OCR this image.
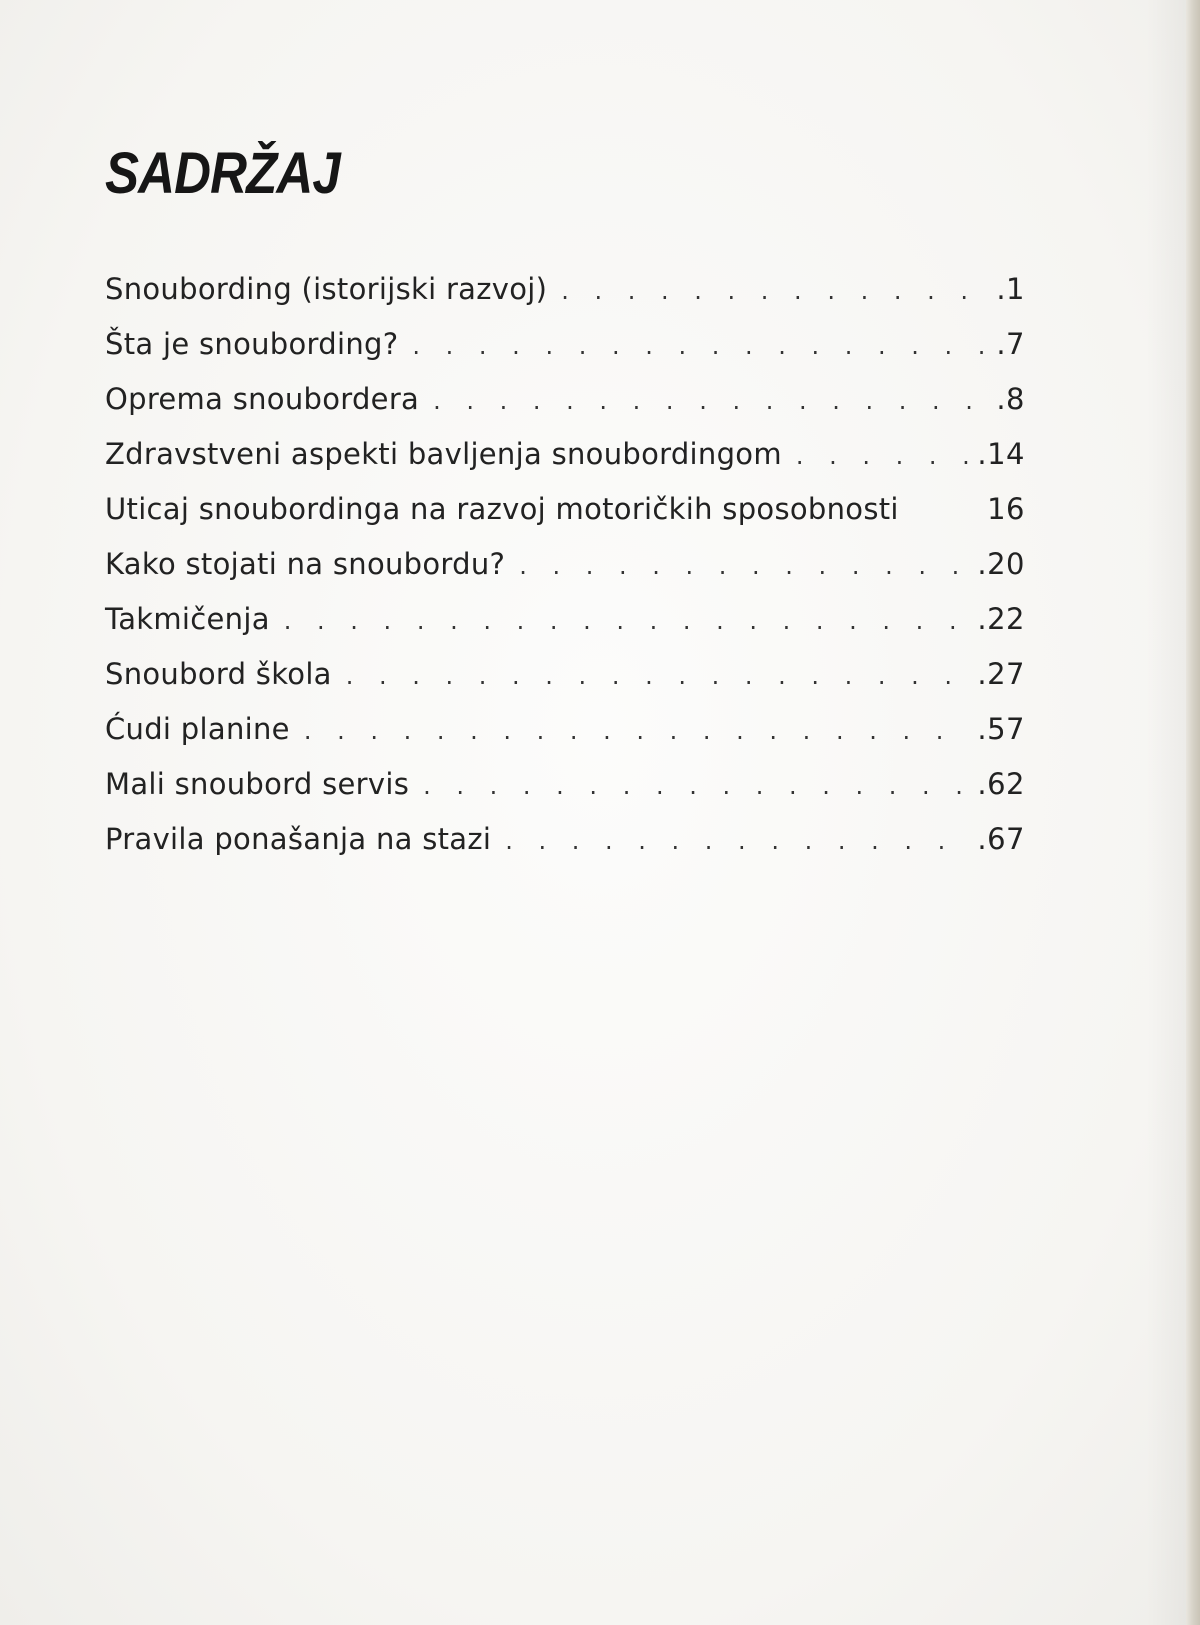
SADRŽAJ
Snoubording (istorijski razvoj) . . .	.1
Šta je snoubording? . . .	.7
Oprema snoubordera . . .	.8
Zdravstveni aspekti bavljenja snoubordingom . . .	.14
Uticaj snoubordinga na razvoj motoričkih sposobnosti	16
Kako stojati na snoubordu? . . .	.20
Takmičenja . . .	.22
Snoubord škola . . .	.27
Ćudi planine . . .	.57
Mali snoubord servis . . .	.62
Pravila ponašanja na stazi . . .	.67
